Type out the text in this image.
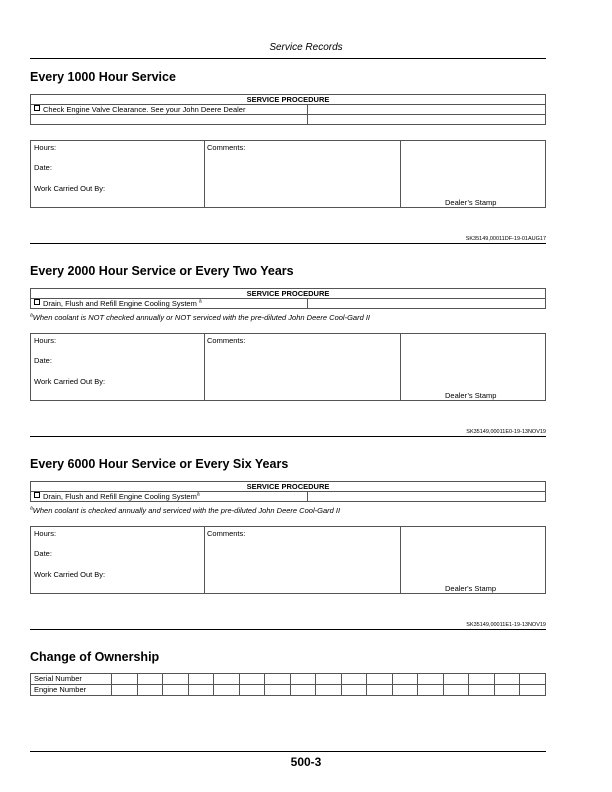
Service Records
Every 1000 Hour Service
SERVICE PROCEDURE	
Check Engine Valve Clearance. See your John Deere Dealer	

Hours:
Date:
Work Carried Out By:
Comments:
Dealer’s Stamp
SK35149,00011DF-19-01AUG17
Every 2000 Hour Service or Every Two Years
SERVICE PROCEDURE
Drain, Flush and Refill Engine Cooling System $^a$	
$^a$When coolant is NOT checked annually or NOT serviced with the pre-diluted John Deere Cool-Gard II
Hours:
Date:
Work Carried Out By:
Comments:
Dealer’s Stamp
SK35149,00011E0-19-13NOV19
Every 6000 Hour Service or Every Six Years
SERVICE PROCEDURE
Drain, Flush and Refill Engine Cooling System$^a$	
$^a$When coolant is checked annually and serviced with the pre-diluted John Deere Cool-Gard II
Hours:
Date:
Work Carried Out By:
Comments:
Dealer's Stamp
SK35149,00011E1-19-13NOV19
Change of Ownership
Serial Number																	
Engine Number																	
500-3
